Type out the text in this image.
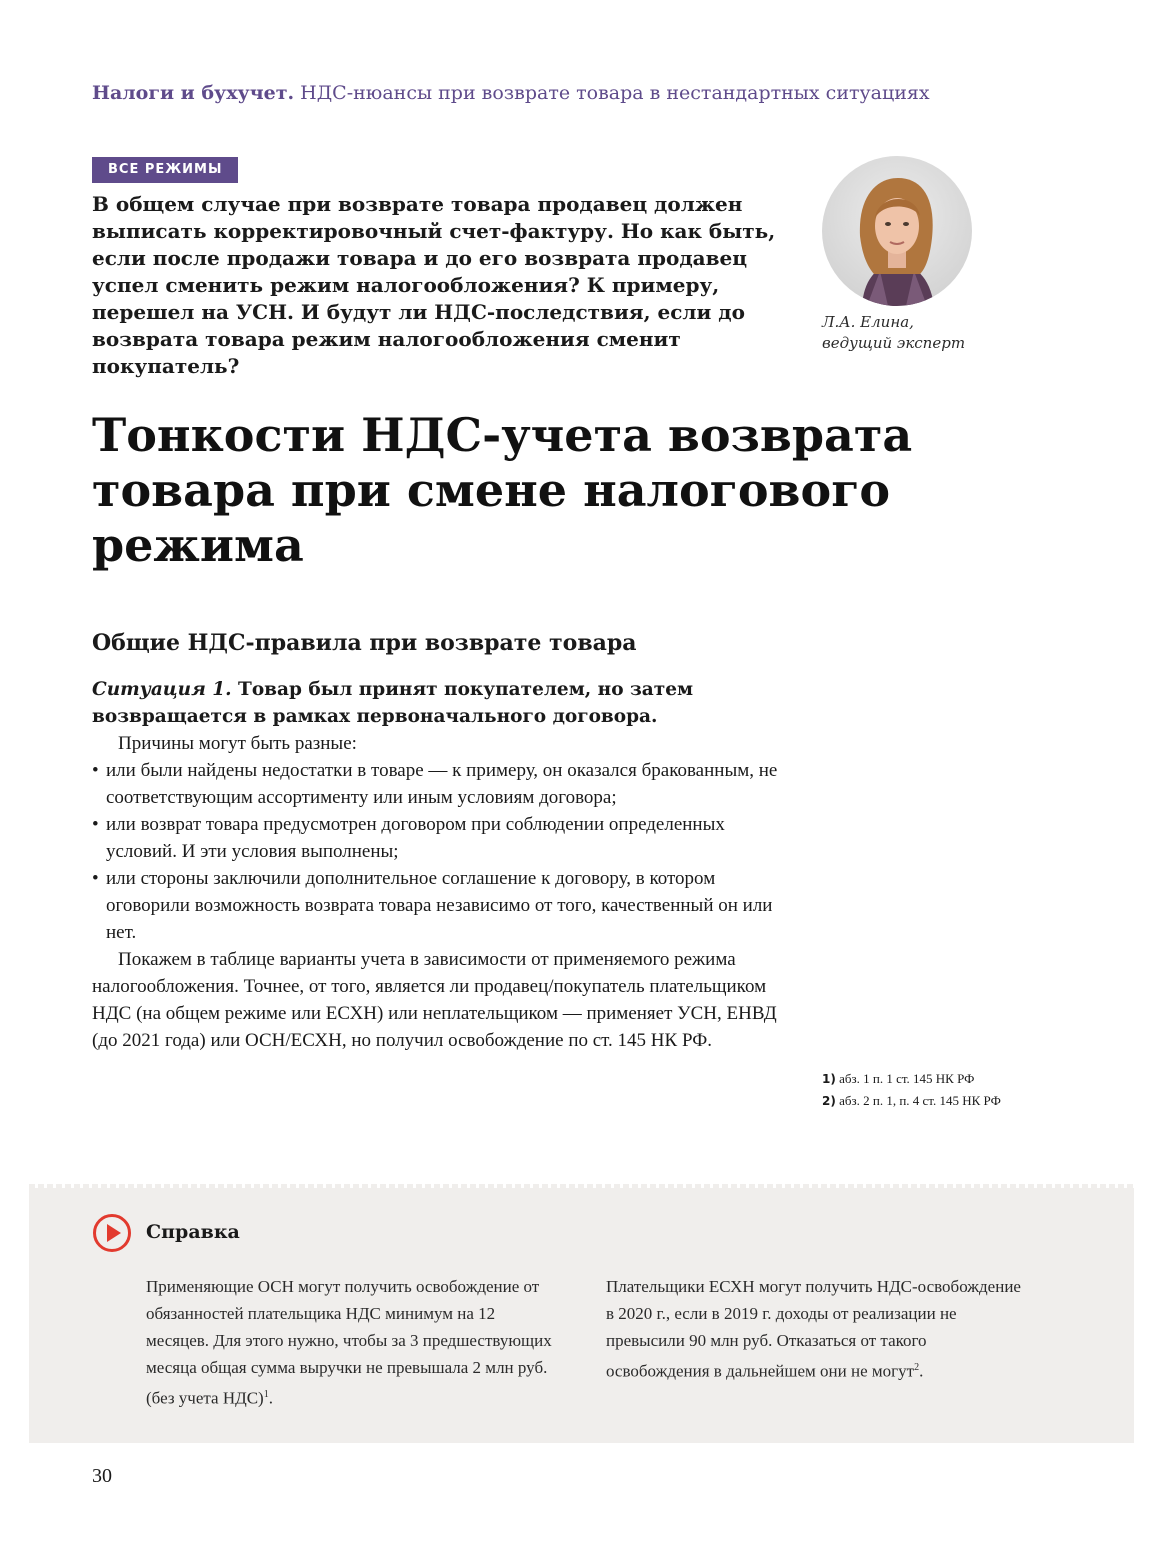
Налоги и бухучет. НДС-нюансы при возврате товара в нестандартных ситуациях
ВСЕ РЕЖИМЫ

В общем случае при возврате товара продавец должен выписать корректировочный счет-фактуру. Но как быть, если после продажи товара и до его возврата продавец успел сменить режим налогообложения? К примеру, перешел на УСН. И будут ли НДС-последствия, если до возврата товара режим налогообложения сменит покупатель?

Л.А. Елина,
ведущий эксперт
Тонкости НДС-учета возврата товара при смене налогового режима
Общие НДС-правила при возврате товара

Ситуация 1. Товар был принят покупателем, но затем возвращается в рамках первоначального договора.

Причины могут быть разные:

• или были найдены недостатки в товаре — к примеру, он оказался бракованным, не соответствующим ассортименту или иным условиям договора;
• или возврат товара предусмотрен договором при соблюдении определенных условий. И эти условия выполнены;
• или стороны заключили дополнительное соглашение к договору, в котором оговорили возможность возврата товара независимо от того, качественный он или нет.

Покажем в таблице варианты учета в зависимости от применяемого режима налогообложения. Точнее, от того, является ли продавец/покупатель плательщиком НДС (на общем режиме или ЕСХН) или неплательщиком — применяет УСН, ЕНВД (до 2021 года) или ОСН/ЕСХН, но получил освобождение по ст. 145 НК РФ.

1) абз. 1 п. 1 ст. 145 НК РФ
2) абз. 2 п. 1, п. 4 ст. 145 НК РФ
Справка

Применяющие ОСН могут получить освобождение от обязанностей плательщика НДС минимум на 12 месяцев. Для этого нужно, чтобы за 3 предшествующих месяца общая сумма выручки не превышала 2 млн руб. (без учета НДС)$^1$.

Плательщики ЕСХН могут получить НДС-освобождение в 2020 г., если в 2019 г. доходы от реализации не превысили 90 млн руб. Отказаться от такого освобождения в дальнейшем они не могут$^2$.

30
